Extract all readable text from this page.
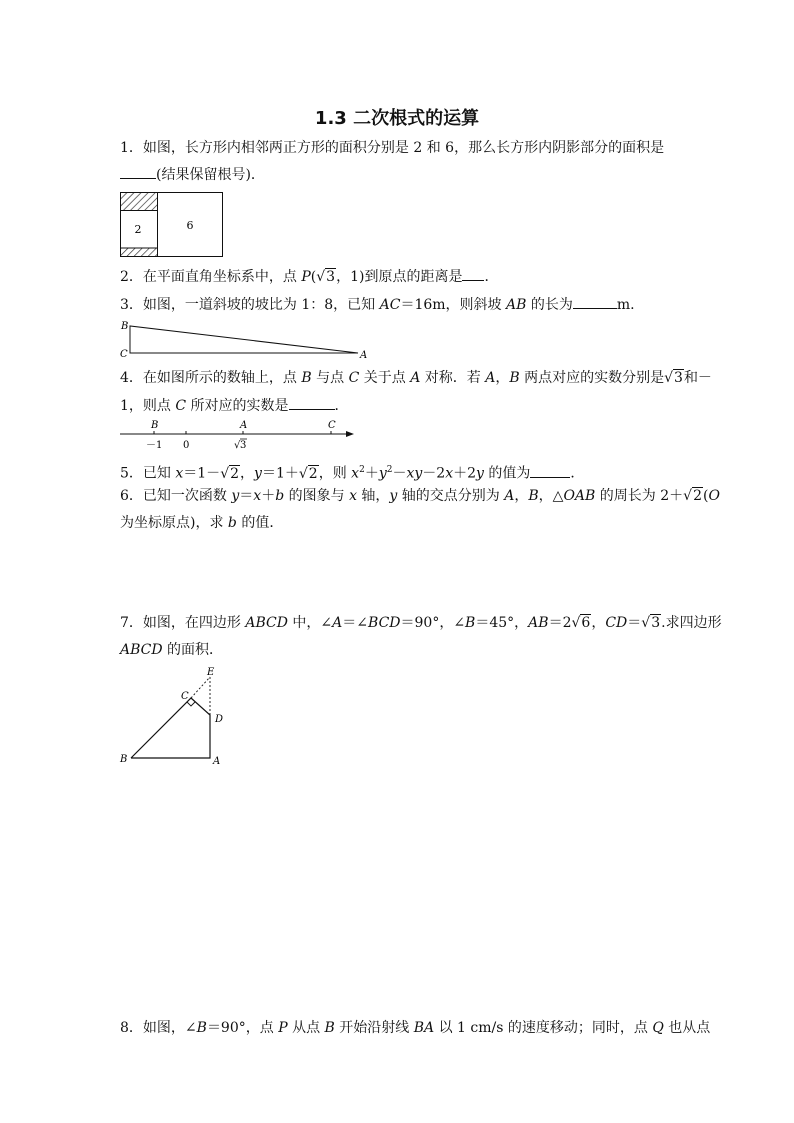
1.3 二次根式的运算
1．如图，长方形内相邻两正方形的面积分别是 2 和 6，那么长方形内阴影部分的面积是
(结果保留根号)．
2	6
2．在平面直角坐标系中，点 P(√3，1)到原点的距离是 ．
3．如图，一道斜坡的坡比为 1：8，已知 AC＝16m，则斜坡 AB 的长为	m.
B
C	A
4．在如图所示的数轴上，点 B 与点 C 关于点 A 对称．若 A，B 两点对应的实数分别是√3和－
1，则点 C 所对应的实数是	．
B	A	C
－1 0	√ 3
5．已知 x＝1－√2，y＝1＋√2，则 $x^2+y^2-xy-2x+2y$ 的值为	．
6．已知一次函数 y＝x＋b 的图象与 x 轴，y 轴的交点分别为 A，B，△OAB 的周长为 2＋√2(O
为坐标原点)，求 b 的值．
7．如图，在四边形 ABCD 中，∠A＝∠BCD＝90°，∠B＝45°，AB＝2√6，CD＝√3.求四边形
ABCD 的面积．
E
C
D
B	A
8．如图，∠B＝90°，点 P 从点 B 开始沿射线 BA 以 1 cm/s 的速度移动；同时，点 Q 也从点
